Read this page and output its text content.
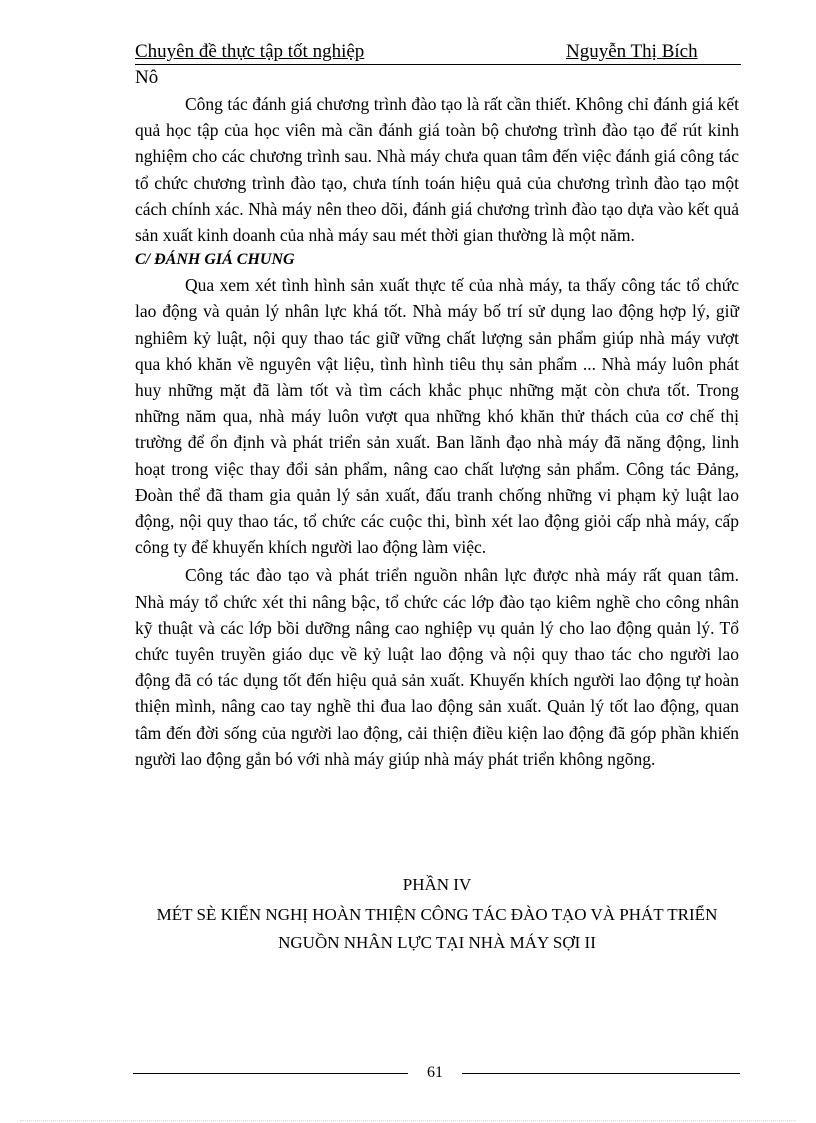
Chuyên đề thực tập tốt nghiệp	Nguyễn Thị Bích
Nô

Công tác đánh giá chương trình đào tạo là rất cần thiết. Không chỉ đánh giá kết quả học tập của học viên mà cần đánh giá toàn bộ chương trình đào tạo để rút kinh nghiệm cho các chương trình sau. Nhà máy chưa quan tâm đến việc đánh giá công tác tổ chức chương trình đào tạo, chưa tính toán hiệu quả của chương trình đào tạo một cách chính xác. Nhà máy nên theo dõi, đánh giá chương trình đào tạo dựa vào kết quả sản xuất kinh doanh của nhà máy sau mét thời gian thường là một năm.

C/ ĐÁNH GIÁ CHUNG

Qua xem xét tình hình sản xuất thực tế của nhà máy, ta thấy công tác tổ chức lao động và quản lý nhân lực khá tốt. Nhà máy bố trí sử dụng lao động hợp lý, giữ nghiêm kỷ luật, nội quy thao tác giữ vững chất lượng sản phẩm giúp nhà máy vượt qua khó khăn về nguyên vật liệu, tình hình tiêu thụ sản phẩm ... Nhà máy luôn phát huy những mặt đã làm tốt và tìm cách khắc phục những mặt còn chưa tốt. Trong những năm qua, nhà máy luôn vượt qua những khó khăn thử thách của cơ chế thị trường để ổn định và phát triển sản xuất. Ban lãnh đạo nhà máy đã năng động, linh hoạt trong việc thay đổi sản phẩm, nâng cao chất lượng sản phẩm. Công tác Đảng, Đoàn thể đã tham gia quản lý sản xuất, đấu tranh chống những vi phạm kỷ luật lao động, nội quy thao tác, tổ chức các cuộc thi, bình xét lao động giỏi cấp nhà máy, cấp công ty để khuyến khích người lao động làm việc.

Công tác đào tạo và phát triển nguồn nhân lực được nhà máy rất quan tâm. Nhà máy tổ chức xét thi nâng bậc, tổ chức các lớp đào tạo kiêm nghề cho công nhân kỹ thuật và các lớp bồi dưỡng nâng cao nghiệp vụ quản lý cho lao động quản lý. Tổ chức tuyên truyền giáo dục về kỷ luật lao động và nội quy thao tác cho người lao động đã có tác dụng tốt đến hiệu quả sản xuất. Khuyến khích người lao động tự hoàn thiện mình, nâng cao tay nghề thi đua lao động sản xuất. Quản lý tốt lao động, quan tâm đến đời sống của người lao động, cải thiện điều kiện lao động đã góp phần khiến người lao động gắn bó với nhà máy giúp nhà máy phát triển không ngõng.

PHẦN IV
MÉT SÈ KIẾN NGHỊ HOÀN THIỆN CÔNG TÁC ĐÀO TẠO VÀ PHÁT TRIỂN NGUỒN NHÂN LỰC TẠI NHÀ MÁY SỢI II
61
